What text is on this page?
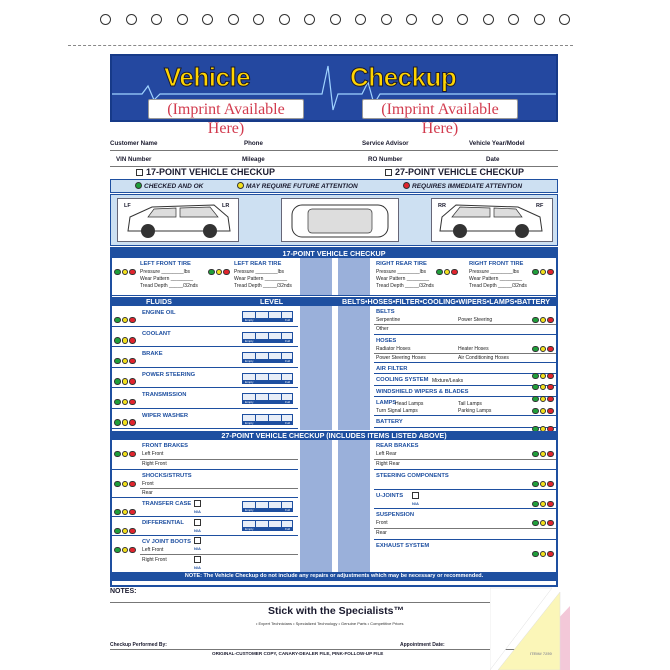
Vehicle	Checkup
(Imprint Available Here)
(Imprint Available Here)
Customer Name	Phone	Service Advisor	Vehicle Year/Model
VIN Number	Mileage	RO Number	Date
17-POINT VEHICLE CHECKUP	27-POINT VEHICLE CHECKUP
CHECKED AND OK	MAY REQUIRE FUTURE ATTENTION	REQUIRES IMMEDIATE ATTENTION
LF	LR	RR	RF
17-POINT VEHICLE CHECKUP
LEFT FRONT TIRE
Pressure ________lbs
Wear Pattern ________
Tread Depth _____/32nds
LEFT REAR TIRE
Pressure ________lbs
Wear Pattern ________
Tread Depth _____/32nds
RIGHT REAR TIRE
Pressure ________lbs
Wear Pattern ________
Tread Depth _____/32nds
RIGHT FRONT TIRE
Pressure ________lbs
Wear Pattern ________
Tread Depth _____/32nds
FLUIDS	LEVEL	BELTS•HOSES•FILTER•COOLING•WIPERS•LAMPS•BATTERY
BELTS
Serpentine	Power Steering
Other
HOSES
Radiator Hoses	Heater Hoses
Power Steering Hoses	Air Conditioning Hoses
AIR FILTER
COOLING SYSTEM Mixture/Leaks
WINDSHIELD WIPERS & BLADES
LAMPS
Head Lamps	Tail Lamps
Turn Signal Lamps	Parking Lamps
BATTERY
27-POINT VEHICLE CHECKUP (INCLUDES ITEMS LISTED ABOVE)
FRONT BRAKES
Left Front
Right Front
SHOCKS/STRUTS
Front
Rear
TRANSFER CASE
N/A	Empty	Full
DIFFERENTIAL
N/A	Empty	Full
CV JOINT BOOTS
Left Front	N/A
Right Front
N/A
REAR BRAKES
Left Rear
Right Rear
STEERING COMPONENTS
U-JOINTS
N/A
SUSPENSION
Front
Rear
EXHAUST SYSTEM
NOTE: The Vehicle Checkup do not include any repairs or adjustments which may be necessary or recommended.
ENGINE OIL
Empty	Full
COOLANT
Empty	Full
BRAKE
Empty	Full
POWER STEERING
Empty	Full
TRANSMISSION
Empty	Full
WIPER WASHER
Empty	Full
NOTES:
Stick with the Specialists™
• Expert Technicians • Specialized Technology • Genuine Parts • Competitive Prices
Checkup Performed By:	Appointment Date:
ORIGINAL-CUSTOMER COPY, CANARY-DEALER FILE, PINK-FOLLOW-UP FILE	ITEM# 7250
